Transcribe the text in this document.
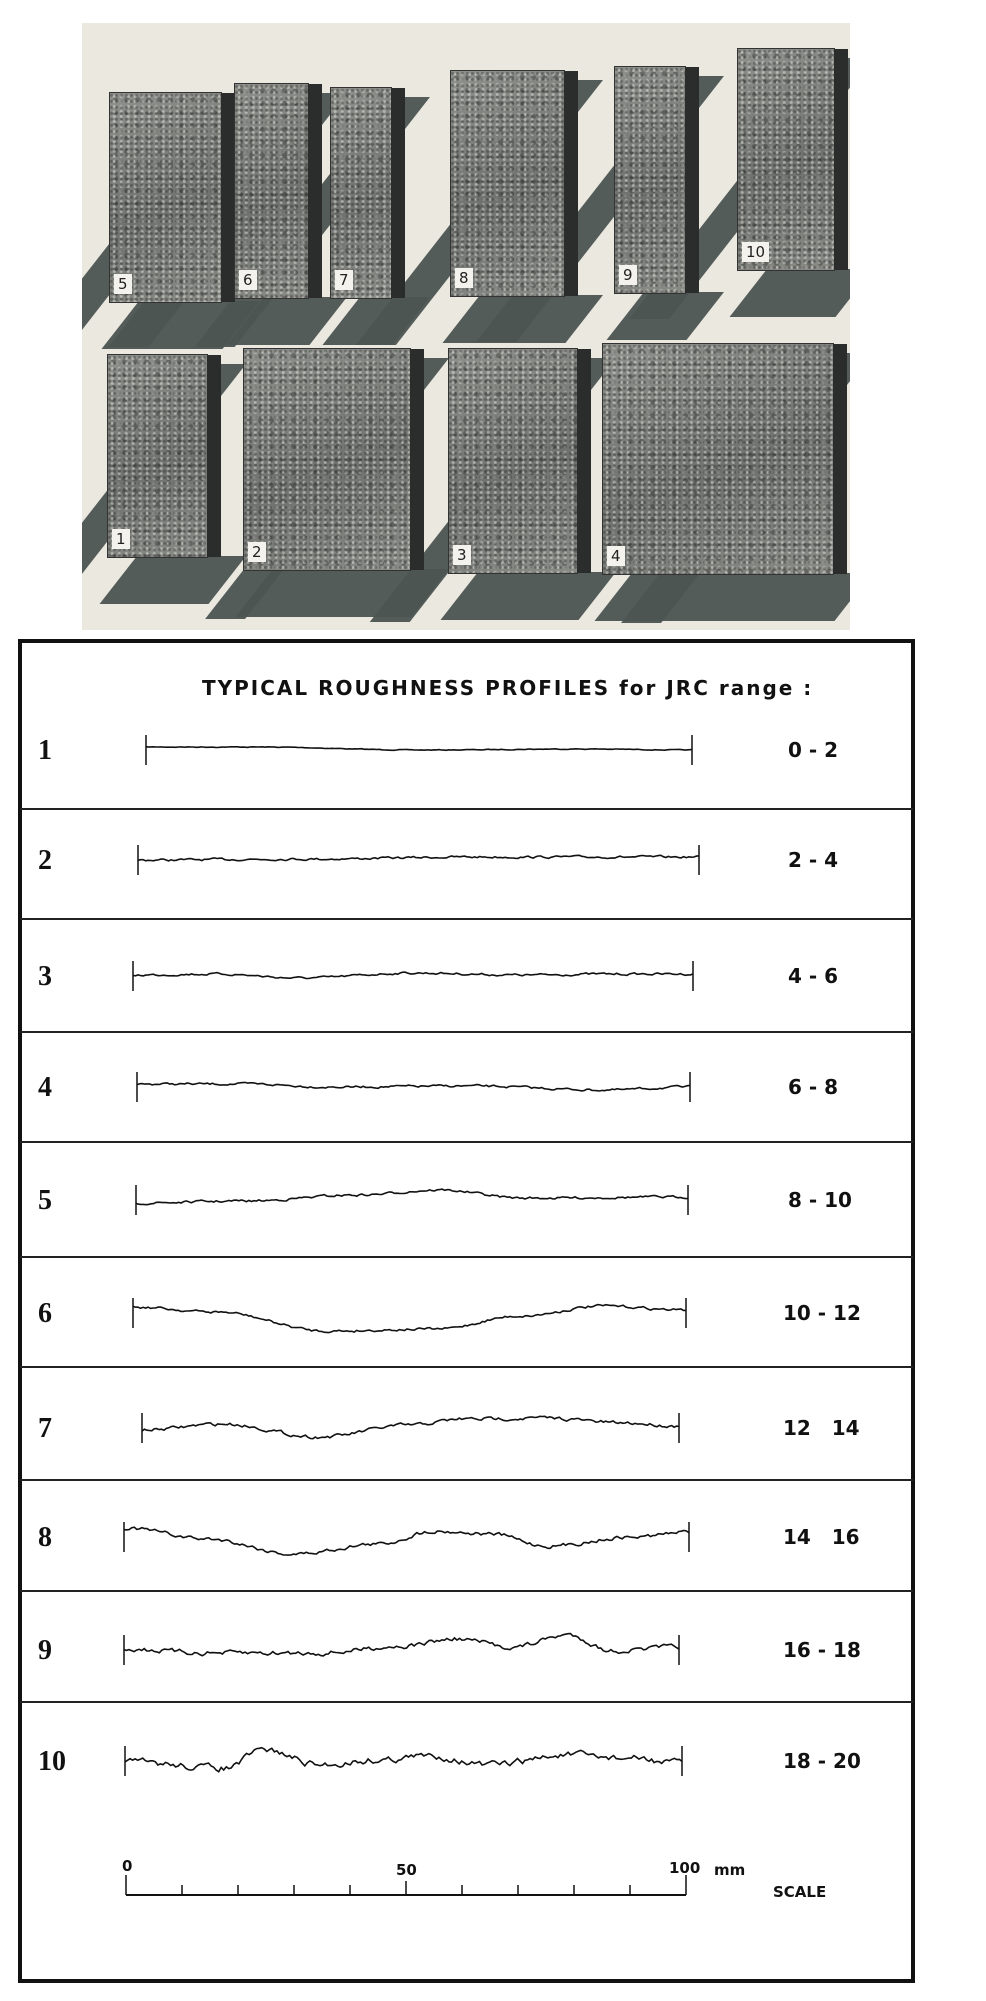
5	6	7	8	9
10
1
2	3	4
TYPICAL ROUGHNESS PROFILES for JRC range :
1	0 - 2
2	2 - 4
3	4 - 6
4	6 - 8
5	8 - 10
6	10 - 12
7	12   14
8	14   16
9	16 - 18
10	18 - 20
0	50	100 mm
SCALE
